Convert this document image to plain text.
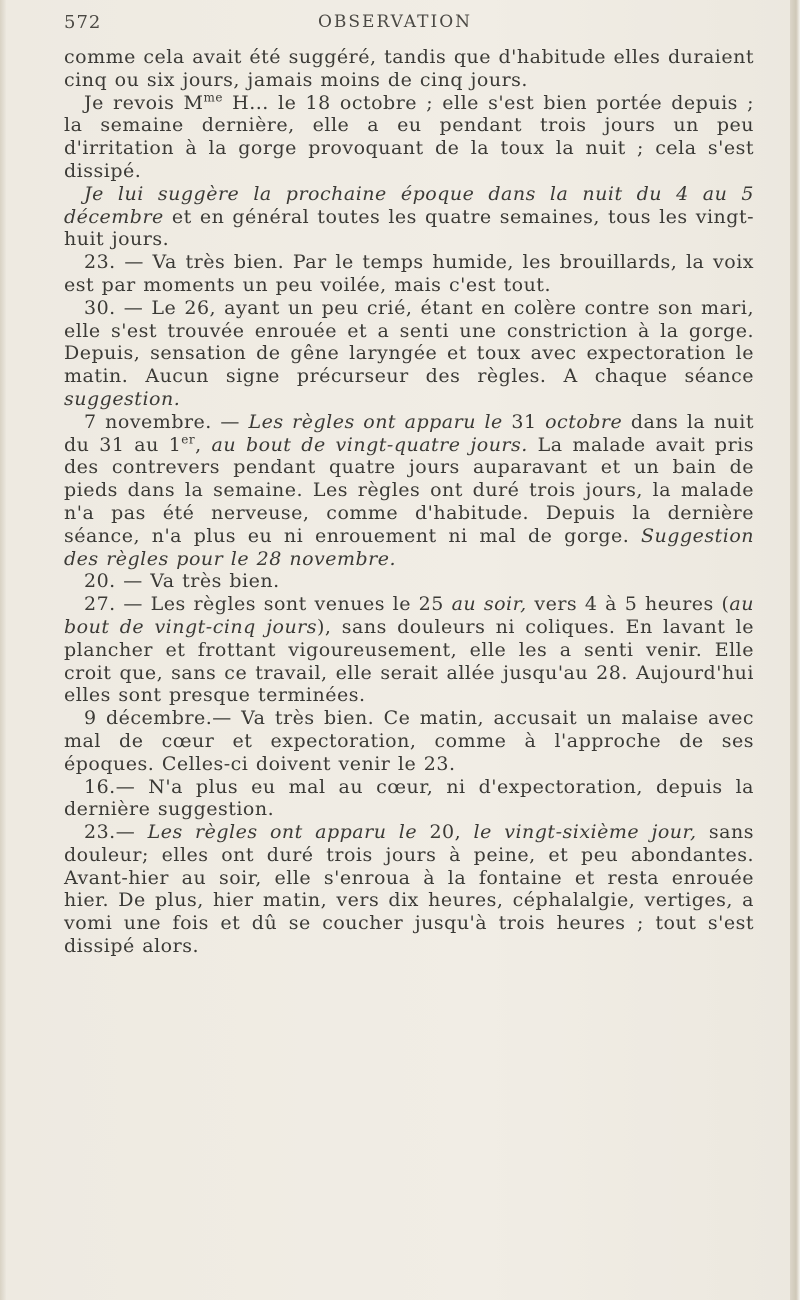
572	OBSERVATION

comme cela avait été suggéré, tandis que d'habitude elles duraient cinq ou six jours, jamais moins de cinq jours.

Je revois $M^{me}$ H... le 18 octobre ; elle s'est bien portée depuis ; la semaine dernière, elle a eu pendant trois jours un peu d'irritation à la gorge provoquant de la toux la nuit ; cela s'est dissipé.

Je lui suggère la prochaine époque dans la nuit du 4 au 5 décembre et en général toutes les quatre semaines, tous les vingt-huit jours.

23. — Va très bien. Par le temps humide, les brouillards, la voix est par moments un peu voilée, mais c'est tout.

30. — Le 26, ayant un peu crié, étant en colère contre son mari, elle s'est trouvée enrouée et a senti une constriction à la gorge. Depuis, sensation de gêne laryngée et toux avec expectoration le matin. Aucun signe précurseur des règles. A chaque séance suggestion.

7 novembre. — Les règles ont apparu le 31 octobre dans la nuit du 31 au 1er, au bout de vingt-quatre jours. La malade avait pris des contrevers pendant quatre jours auparavant et un bain de pieds dans la semaine. Les règles ont duré trois jours, la malade n'a pas été nerveuse, comme d'habitude. Depuis la dernière séance, n'a plus eu ni enrouement ni mal de gorge. Suggestion des règles pour le 28 novembre.

20. — Va très bien.

27. — Les règles sont venues le 25 au soir, vers 4 à 5 heures (au bout de vingt-cinq jours), sans douleurs ni coliques. En lavant le plancher et frottant vigoureusement, elle les a senti venir. Elle croit que, sans ce travail, elle serait allée jusqu'au 28. Aujourd'hui elles sont presque terminées.

9 décembre.— Va très bien. Ce matin, accusait un malaise avec mal de cœur et expectoration, comme à l'approche de ses époques. Celles-ci doivent venir le 23.

16.— N'a plus eu mal au cœur, ni d'expectoration, depuis la dernière suggestion.

23.— Les règles ont apparu le 20, le vingt-sixième jour, sans douleur; elles ont duré trois jours à peine, et peu abondantes. Avant-hier au soir, elle s'enroua à la fontaine et resta enrouée hier. De plus, hier matin, vers dix heures, céphalalgie, vertiges, a vomi une fois et dû se coucher jusqu'à trois heures ; tout s'est dissipé alors.
